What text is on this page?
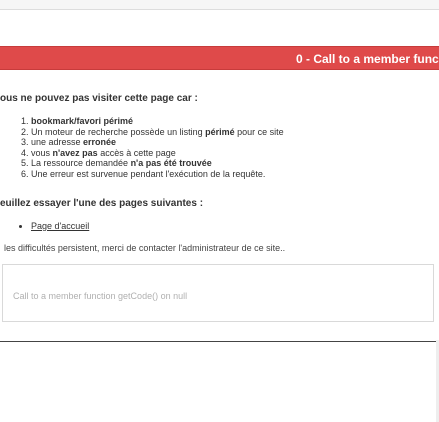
0 - Call to a member func
ous ne pouvez pas visiter cette page car :
1. bookmark/favori périmé
2. Un moteur de recherche possède un listing périmé pour ce site
3. une adresse erronée
4. vous n'avez pas accès à cette page
5. La ressource demandée n'a pas été trouvée
6. Une erreur est survenue pendant l'exécution de la requête.
euillez essayer l'une des pages suivantes :
• Page d'accueil
les difficultés persistent, merci de contacter l'administrateur de ce site..
Call to a member function getCode() on null
